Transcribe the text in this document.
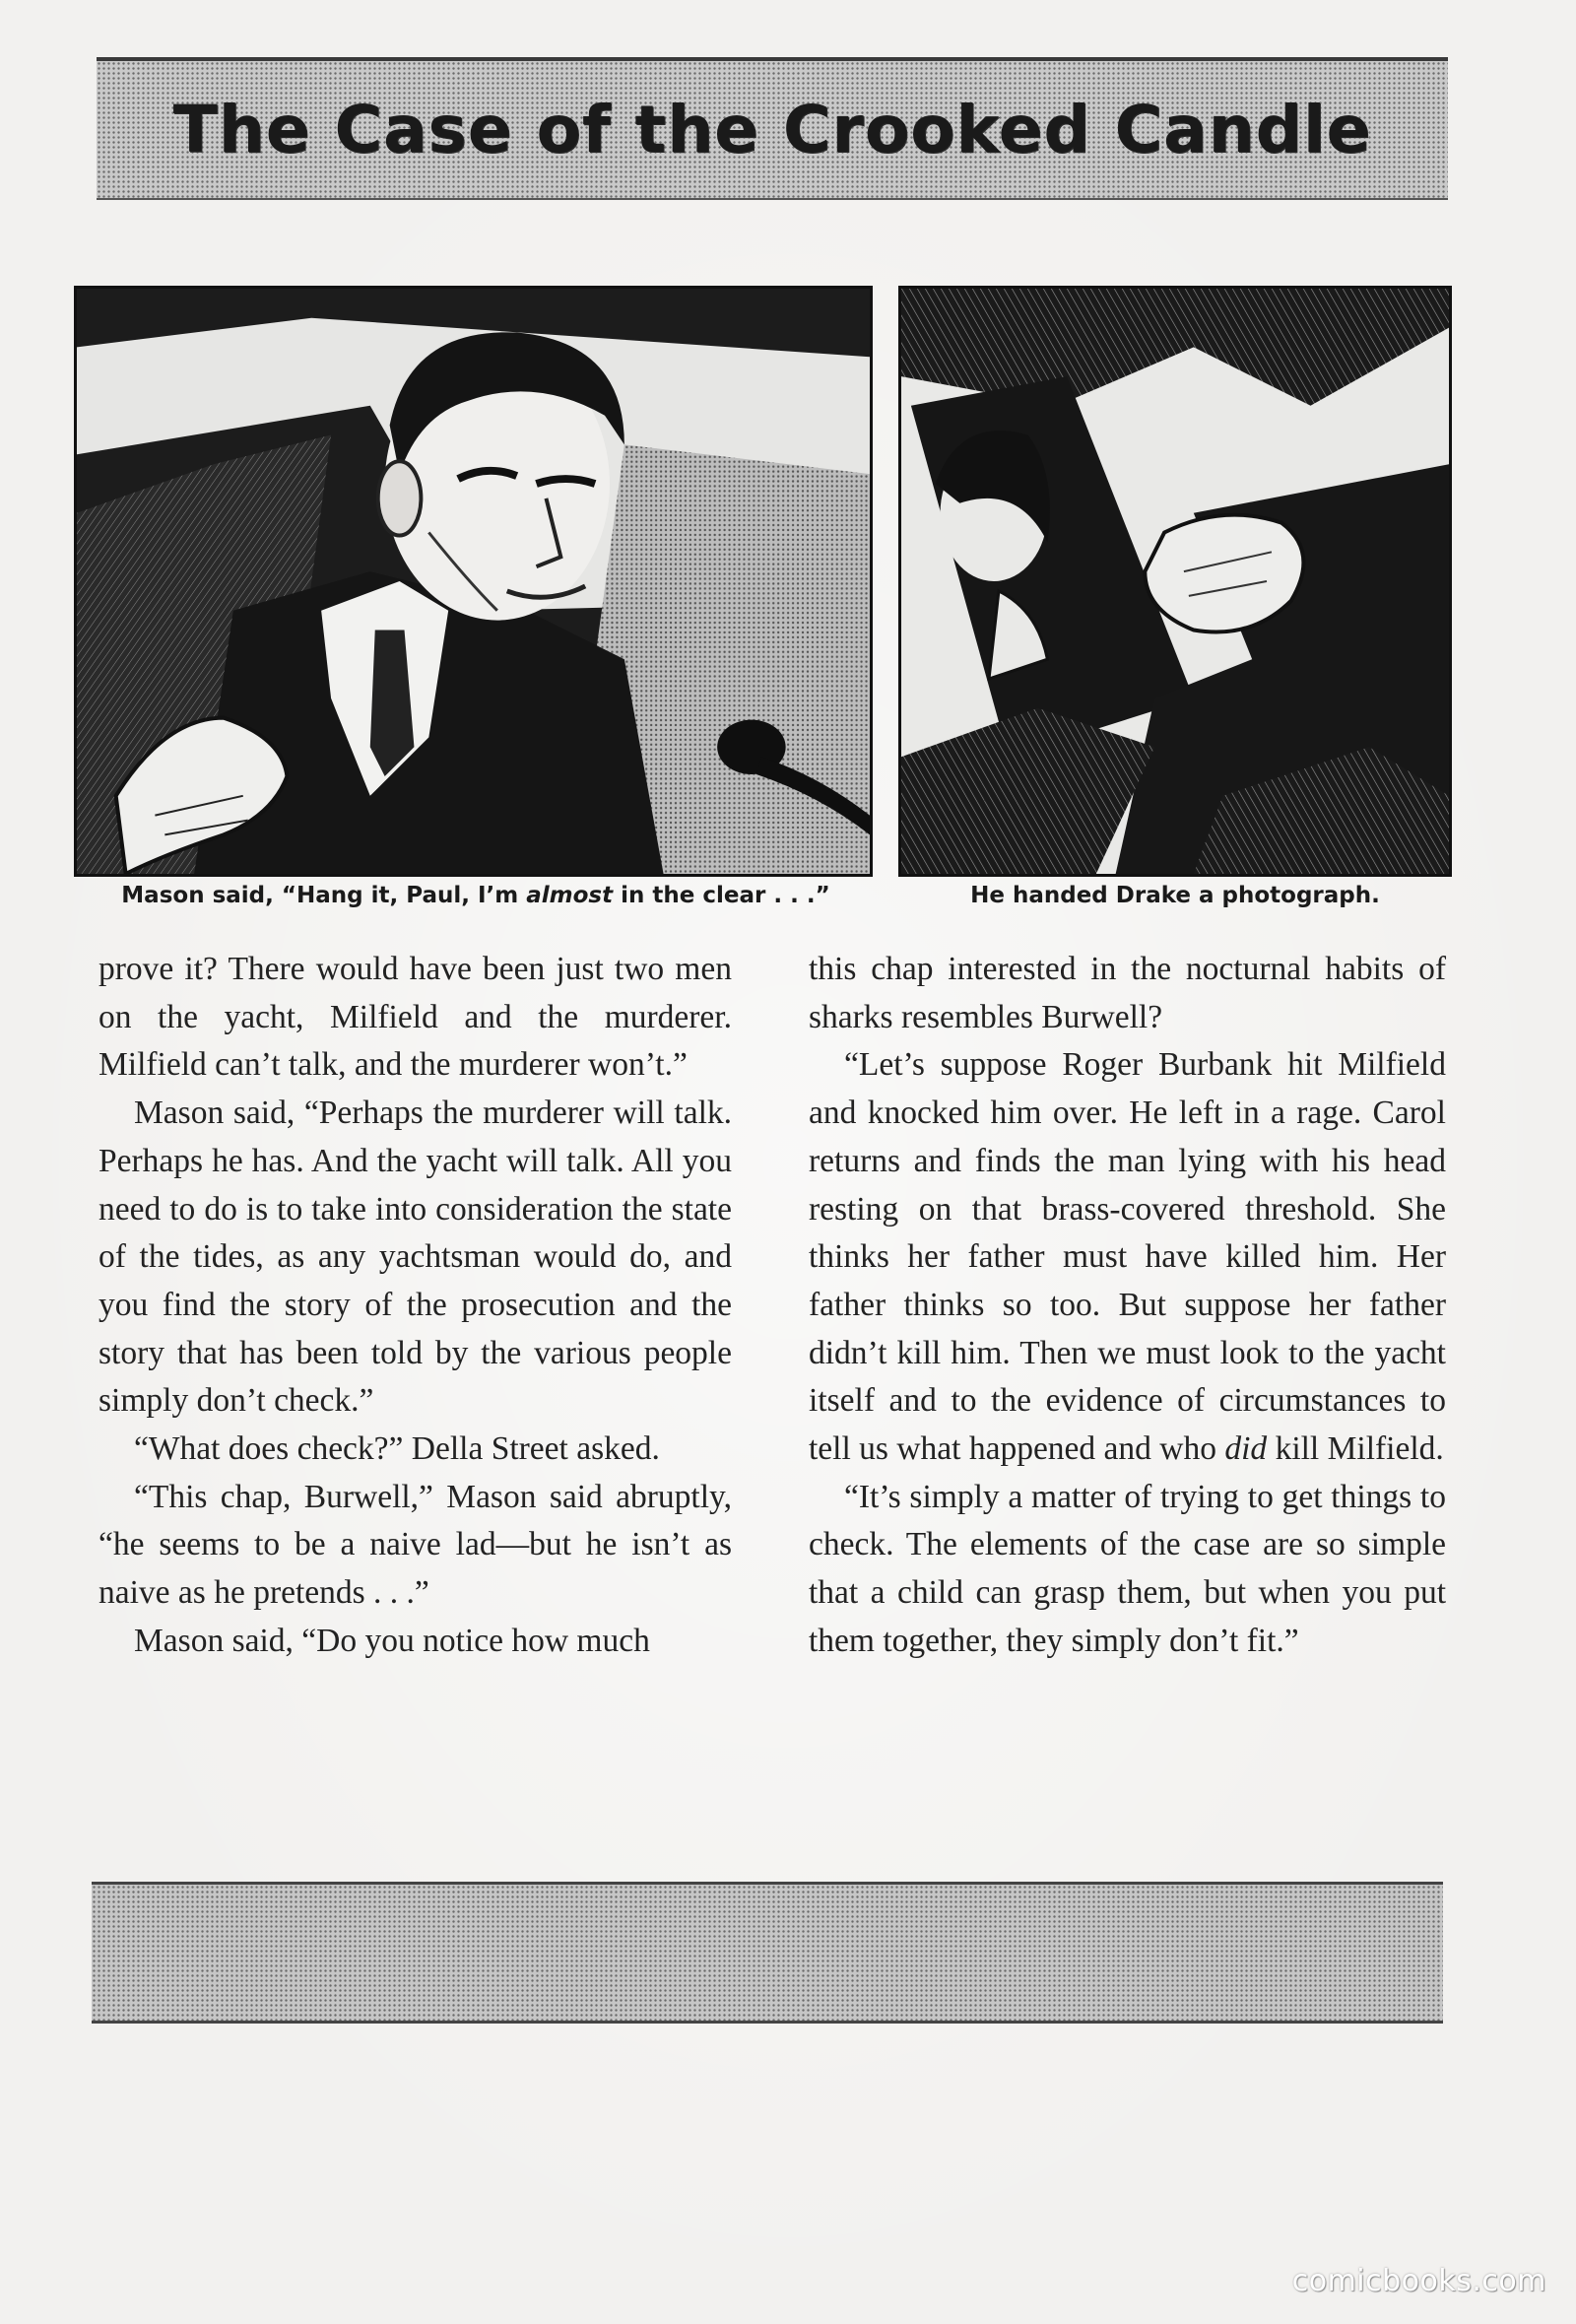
The Case of the Crooked Candle
Mason said, “Hang it, Paul, I’m almost in the clear . . .”	He handed Drake a photograph.

prove it? There would have been just two men on the yacht, Milfield and the murderer. Milfield can’t talk, and the murderer won’t.”

Mason said, “Perhaps the murderer will talk. Perhaps he has. And the yacht will talk. All you need to do is to take into consideration the state of the tides, as any yachtsman would do, and you find the story of the prosecution and the story that has been told by the various people simply don’t check.”

“What does check?” Della Street asked.

“This chap, Burwell,” Mason said abruptly, “he seems to be a naive lad—but he isn’t as naive as he pretends . . .”

Mason said, “Do you notice how much

this chap interested in the nocturnal habits of sharks resembles Burwell?

“Let’s suppose Roger Burbank hit Milfield and knocked him over. He left in a rage. Carol returns and finds the man lying with his head resting on that brass-covered threshold. She thinks her father must have killed him. Her father thinks so too. But suppose her father didn’t kill him. Then we must look to the yacht itself and to the evidence of circumstances to tell us what happened and who did kill Milfield.

“It’s simply a matter of trying to get things to check. The elements of the case are so simple that a child can grasp them, but when you put them together, they simply don’t fit.”

comicbooks.com
